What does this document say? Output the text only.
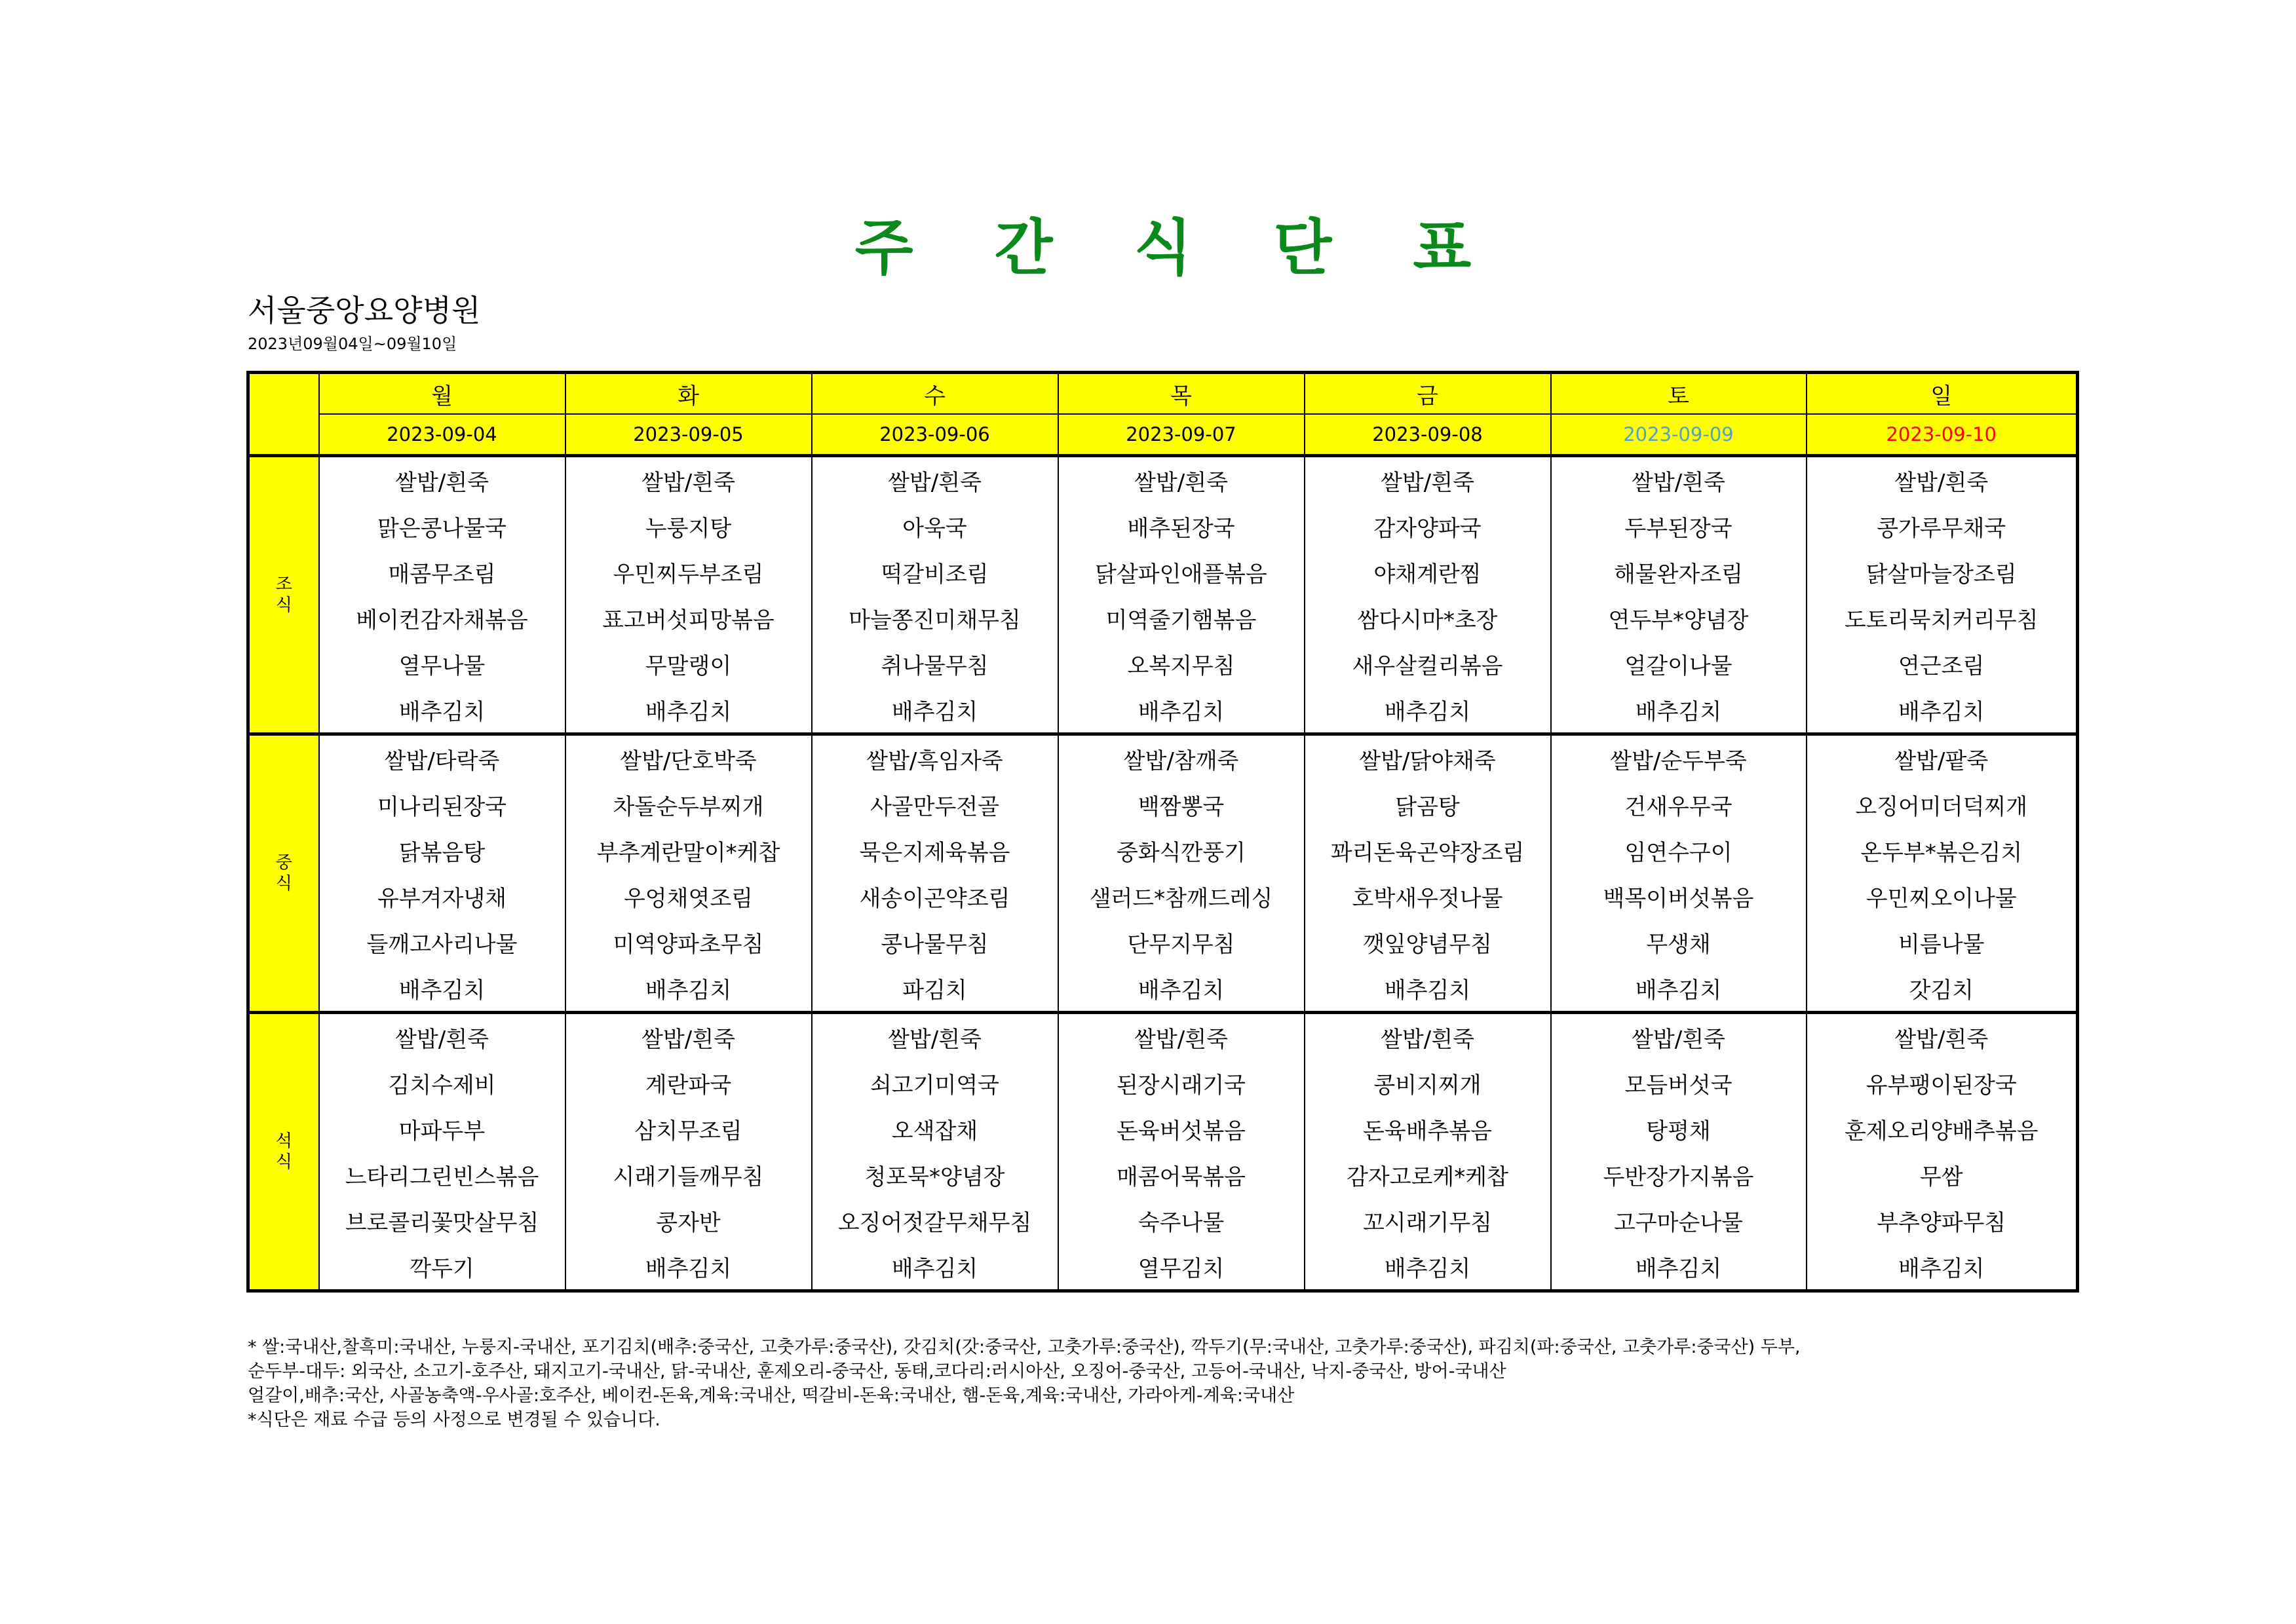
주 간 식 단 표
서울중앙요양병원
2023년09월04일~09월10일
	월	화	수	목	금	토	일
	2023-09-04	2023-09-05	2023-09-06	2023-09-07	2023-09-08	2023-09-09	2023-09-10

조
식	쌀밥/흰죽	쌀밥/흰죽	쌀밥/흰죽	쌀밥/흰죽	쌀밥/흰죽	쌀밥/흰죽	쌀밥/흰죽
	맑은콩나물국	누룽지탕	아욱국	배추된장국	감자양파국	두부된장국	콩가루무채국
	매콤무조림	우민찌두부조림	떡갈비조림	닭살파인애플볶음	야채계란찜	해물완자조림	닭살마늘장조림
	베이컨감자채볶음	표고버섯피망볶음	마늘쫑진미채무침	미역줄기햄볶음	쌈다시마*초장	연두부*양념장	도토리묵치커리무침
	열무나물	무말랭이	취나물무침	오복지무침	새우살컬리볶음	얼갈이나물	연근조림
	배추김치	배추김치	배추김치	배추김치	배추김치	배추김치	배추김치

중
식	쌀밥/타락죽	쌀밥/단호박죽	쌀밥/흑임자죽	쌀밥/참깨죽	쌀밥/닭야채죽	쌀밥/순두부죽	쌀밥/팥죽
	미나리된장국	차돌순두부찌개	사골만두전골	백짬뽕국	닭곰탕	건새우무국	오징어미더덕찌개
	닭볶음탕	부추계란말이*케찹	묵은지제육볶음	중화식깐풍기	꽈리돈육곤약장조림	임연수구이	온두부*볶은김치
	유부겨자냉채	우엉채엿조림	새송이곤약조림	샐러드*참깨드레싱	호박새우젓나물	백목이버섯볶음	우민찌오이나물
	들깨고사리나물	미역양파초무침	콩나물무침	단무지무침	깻잎양념무침	무생채	비름나물
	배추김치	배추김치	파김치	배추김치	배추김치	배추김치	갓김치

석
식	쌀밥/흰죽	쌀밥/흰죽	쌀밥/흰죽	쌀밥/흰죽	쌀밥/흰죽	쌀밥/흰죽	쌀밥/흰죽
	김치수제비	계란파국	쇠고기미역국	된장시래기국	콩비지찌개	모듬버섯국	유부팽이된장국
	마파두부	삼치무조림	오색잡채	돈육버섯볶음	돈육배추볶음	탕평채	훈제오리양배추볶음
	느타리그린빈스볶음	시래기들깨무침	청포묵*양념장	매콤어묵볶음	감자고로케*케찹	두반장가지볶음	무쌈
	브로콜리꽃맛살무침	콩자반	오징어젓갈무채무침	숙주나물	꼬시래기무침	고구마순나물	부추양파무침
	깍두기	배추김치	배추김치	열무김치	배추김치	배추김치	배추김치
* 쌀:국내산,찰흑미:국내산, 누룽지-국내산, 포기김치(배추:중국산, 고춧가루:중국산), 갓김치(갓:중국산, 고춧가루:중국산), 깍두기(무:국내산, 고춧가루:중국산), 파김치(파:중국산, 고춧가루:중국산) 두부,
순두부-대두: 외국산, 소고기-호주산, 돼지고기-국내산, 닭-국내산, 훈제오리-중국산, 동태,코다리:러시아산, 오징어-중국산, 고등어-국내산, 낙지-중국산, 방어-국내산
얼갈이,배추:국산, 사골농축액-우사골:호주산, 베이컨-돈육,계육:국내산, 떡갈비-돈육:국내산, 햄-돈육,계육:국내산, 가라아게-계육:국내산
*식단은 재료 수급 등의 사정으로 변경될 수 있습니다.
